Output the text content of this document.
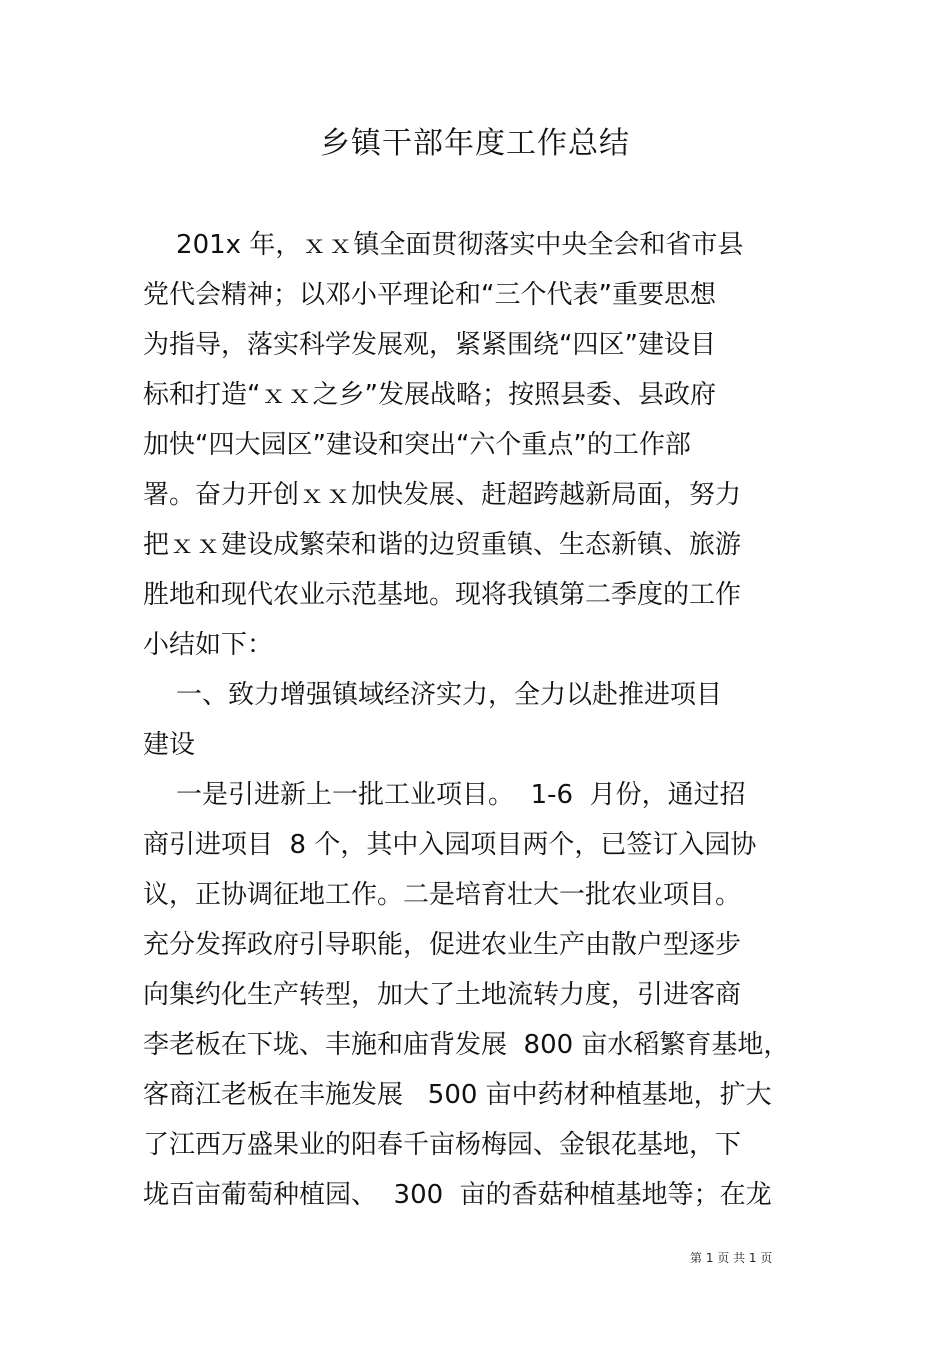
乡镇干部年度工作总结
201x 年，ｘｘ镇全面贯彻落实中央全会和省市县
党代会精神；以邓小平理论和“三个代表”重要思想
为指导，落实科学发展观，紧紧围绕“四区”建设目
标和打造“ｘｘ之乡”发展战略；按照县委、县政府
加快“四大园区”建设和突出“六个重点”的工作部
署。奋力开创ｘｘ加快发展、赶超跨越新局面，努力
把ｘｘ建设成繁荣和谐的边贸重镇、生态新镇、旅游
胜地和现代农业示范基地。现将我镇第二季度的工作
小结如下：
一、致力增强镇域经济实力，全力以赴推进项目
建设
一是引进新上一批工业项目。  1-6  月份，通过招
商引进项目  8 个，其中入园项目两个，已签订入园协
议，正协调征地工作。二是培育壮大一批农业项目。
充分发挥政府引导职能，促进农业生产由散户型逐步
向集约化生产转型，加大了土地流转力度，引进客商
李老板在下垅、丰施和庙背发展  800 亩水稻繁育基地，
客商江老板在丰施发展   500 亩中药材种植基地，扩大
了江西万盛果业的阳春千亩杨梅园、金银花基地，下
垅百亩葡萄种植园、  300  亩的香菇种植基地等；在龙
第 1 页 共 1 页
